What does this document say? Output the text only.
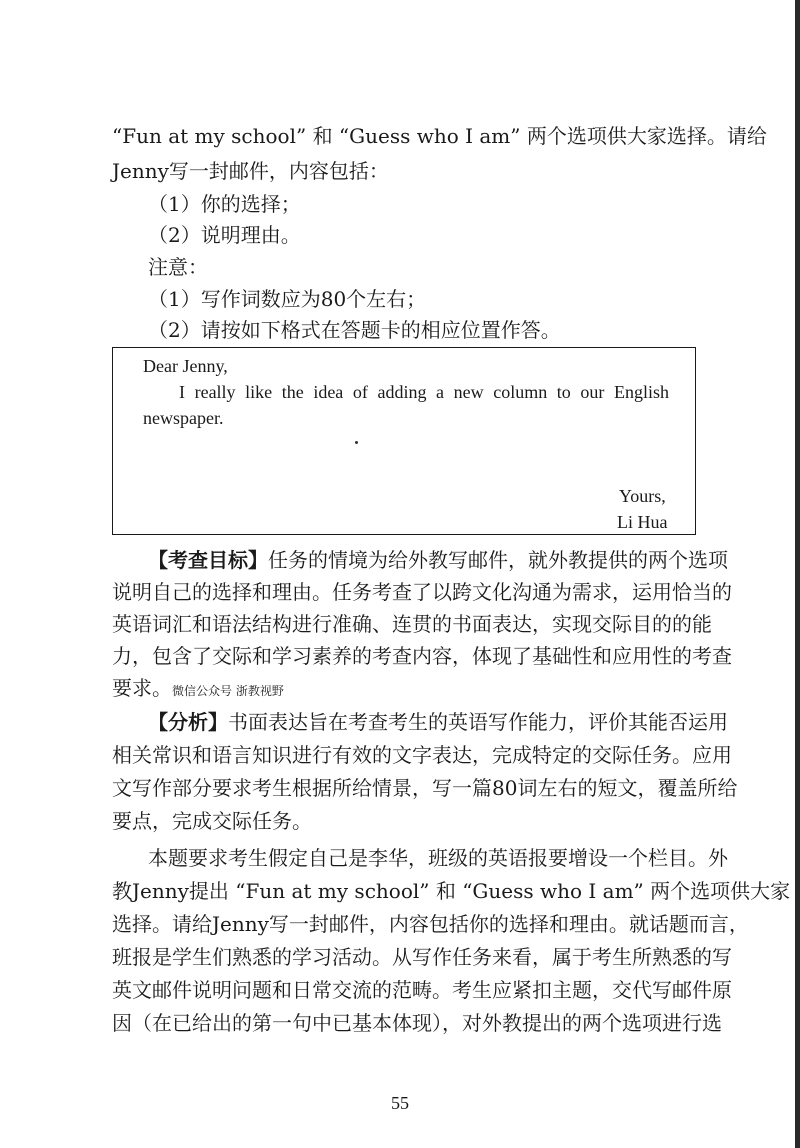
“Fun at my school” 和 “Guess who I am” 两个选项供大家选择。请给
Jenny写一封邮件，内容包括：
（1）你的选择；
（2）说明理由。
注意：
（1）写作词数应为80个左右；
（2）请按如下格式在答题卡的相应位置作答。
Dear Jenny,
I really like the idea of adding a new column to our English
newspaper.
Yours,
Li Hua
【考查目标】任务的情境为给外教写邮件，就外教提供的两个选项
说明自己的选择和理由。任务考查了以跨文化沟通为需求，运用恰当的
英语词汇和语法结构进行准确、连贯的书面表达，实现交际目的的能
力，包含了交际和学习素养的考查内容，体现了基础性和应用性的考查
要求。微信公众号 浙教视野
【分析】书面表达旨在考查考生的英语写作能力，评价其能否运用
相关常识和语言知识进行有效的文字表达，完成特定的交际任务。应用
文写作部分要求考生根据所给情景，写一篇80词左右的短文，覆盖所给
要点，完成交际任务。
本题要求考生假定自己是李华，班级的英语报要增设一个栏目。外
教Jenny提出 “Fun at my school” 和 “Guess who I am” 两个选项供大家
选择。请给Jenny写一封邮件，内容包括你的选择和理由。就话题而言，
班报是学生们熟悉的学习活动。从写作任务来看，属于考生所熟悉的写
英文邮件说明问题和日常交流的范畴。考生应紧扣主题，交代写邮件原
因（在已给出的第一句中已基本体现），对外教提出的两个选项进行选
55
